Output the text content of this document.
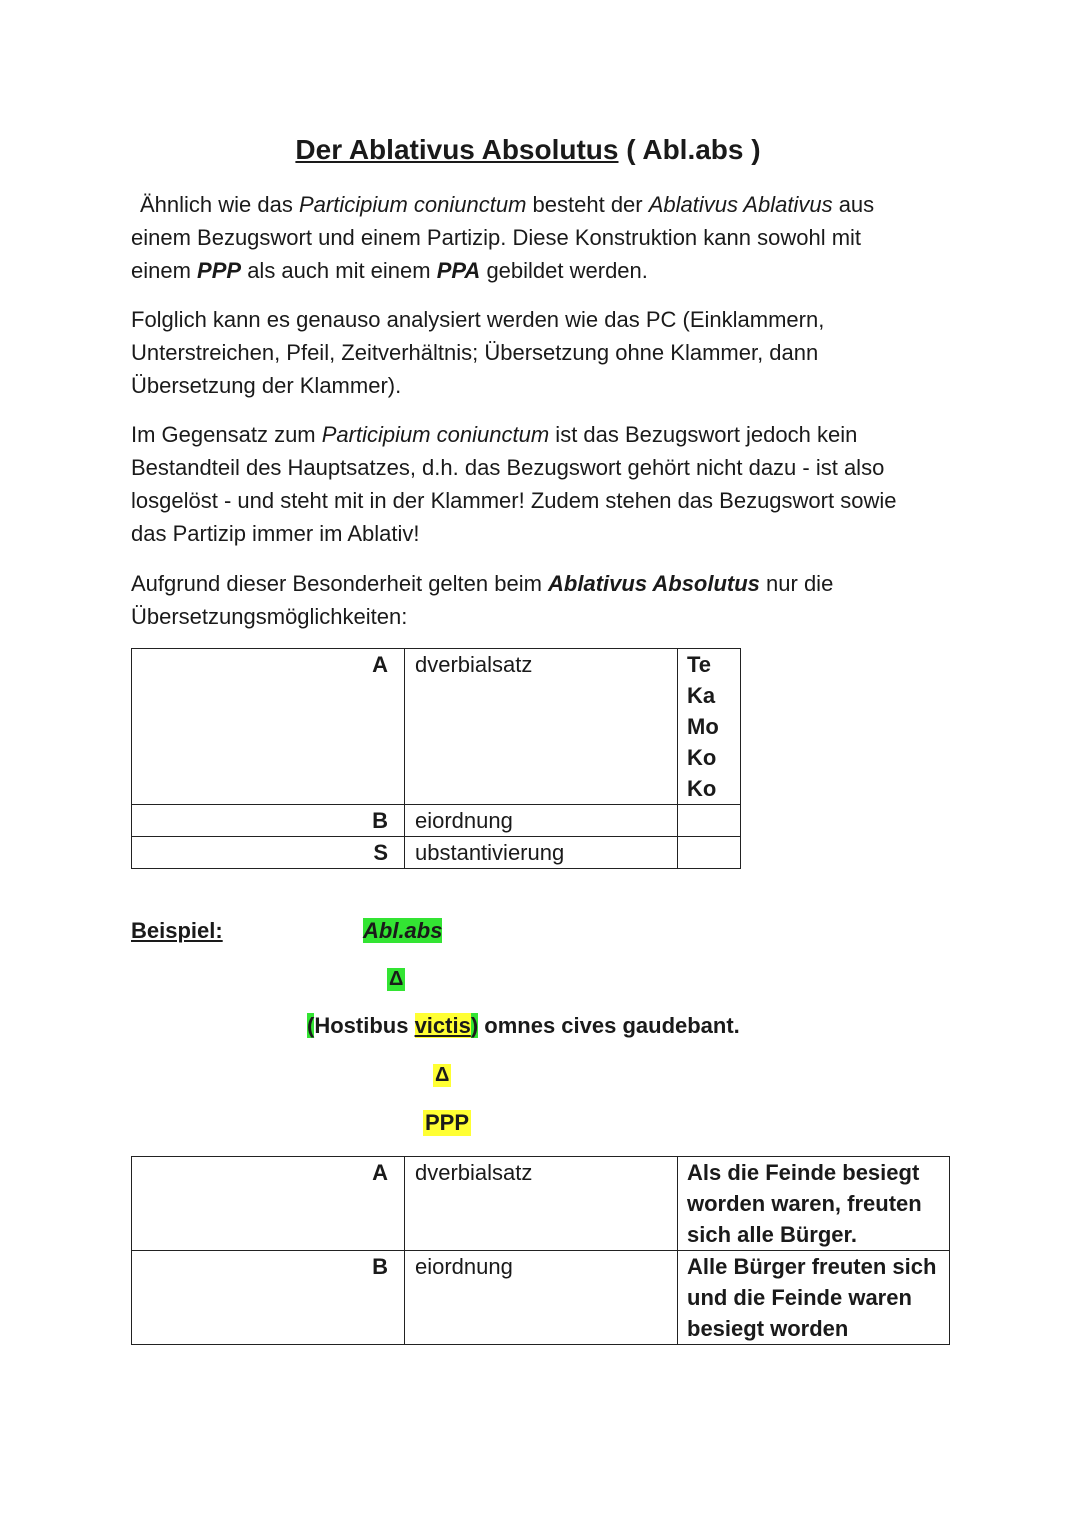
Der Ablativus Absolutus ( Abl.abs )
Ähnlich wie das Participium coniunctum besteht der Ablativus Ablativus aus
einem Bezugswort und einem Partizip. Diese Konstruktion kann sowohl mit
einem PPP als auch mit einem PPA gebildet werden.
Folglich kann es genauso analysiert werden wie das PC (Einklammern,
Unterstreichen, Pfeil, Zeitverhältnis; Übersetzung ohne Klammer, dann
Übersetzung der Klammer).
Im Gegensatz zum Participium coniunctum ist das Bezugswort jedoch kein
Bestandteil des Hauptsatzes, d.h. das Bezugswort gehört nicht dazu - ist also
losgelöst - und steht mit in der Klammer! Zudem stehen das Bezugswort sowie
das Partizip immer im Ablativ!
Aufgrund dieser Besonderheit gelten beim Ablativus Absolutus nur die
Übersetzungsmöglichkeiten:
A	dverbialsatz	Te
Ka
Mo
Ko
Ko

B	eiordnung	
S	ubstantivierung	
Beispiel:	Abl.abs
Δ
(Hostibus victis) omnes cives gaudebant.
Δ
PPP
A	dverbialsatz	Als die Feinde besiegt
worden waren, freuten
sich alle Bürger.

B	eiordnung	Alle Bürger freuten sich
und die Feinde waren
besiegt worden
